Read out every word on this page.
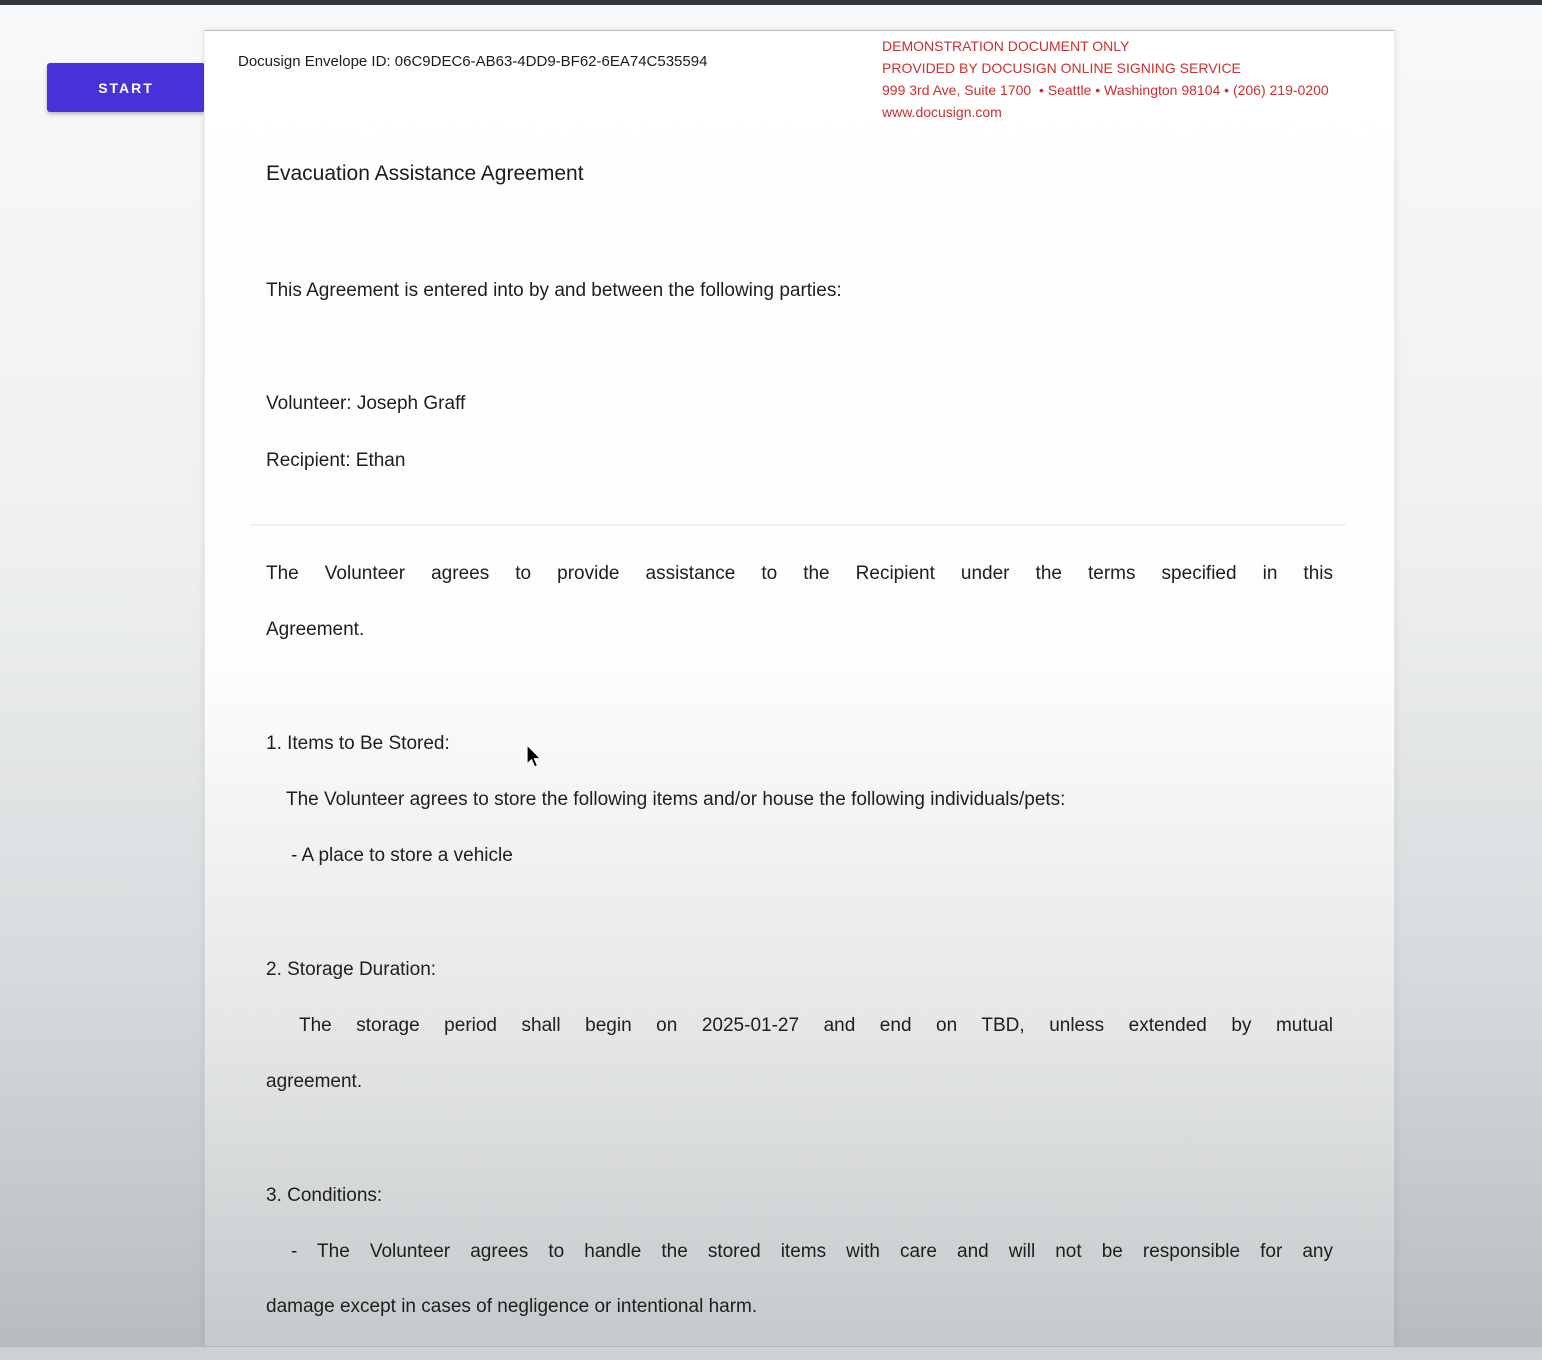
START
Docusign Envelope ID: 06C9DEC6-AB63-4DD9-BF62-6EA74C535594
DEMONSTRATION DOCUMENT ONLY
PROVIDED BY DOCUSIGN ONLINE SIGNING SERVICE
999 3rd Ave, Suite 1700  • Seattle • Washington 98104 • (206) 219-0200
www.docusign.com
Evacuation Assistance Agreement
This Agreement is entered into by and between the following parties:
Volunteer: Joseph Graff
Recipient: Ethan
The Volunteer agrees to provide assistance to the Recipient under the terms specified in this
Agreement.
1. Items to Be Stored:
The Volunteer agrees to store the following items and/or house the following individuals/pets:
- A place to store a vehicle
2. Storage Duration:
The storage period shall begin on 2025-01-27 and end on TBD, unless extended by mutual
agreement.
3. Conditions:
- The Volunteer agrees to handle the stored items with care and will not be responsible for any
damage except in cases of negligence or intentional harm.
